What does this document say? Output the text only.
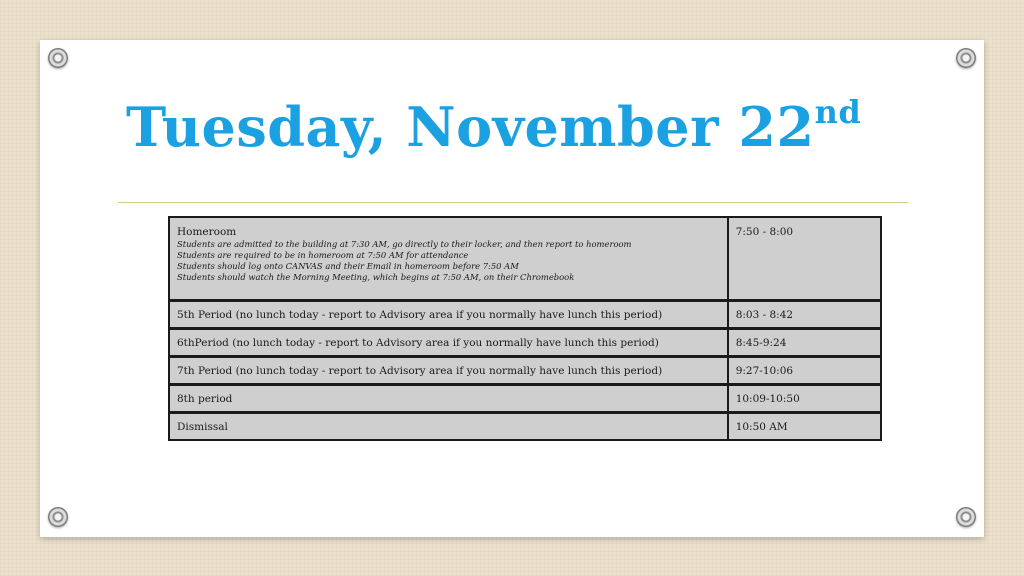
Tuesday, November 22nd
Homeroom
Students are admitted to the building at 7:30 AM, go directly to their locker, and then report to homeroom
Students are required to be in homeroom at 7:50 AM for attendance
Students should log onto CANVAS and their Email in homeroom before 7:50 AM
Students should watch the Morning Meeting, which begins at 7:50 AM, on their Chromebook	7:50 - 8:00
5th Period (no lunch today - report to Advisory area if you normally have lunch this period)	8:03 - 8:42
6thPeriod (no lunch today - report to Advisory area if you normally have lunch this period)	8:45-9:24
7th Period (no lunch today - report to Advisory area if you normally have lunch this period)	9:27-10:06
8th period	10:09-10:50
Dismissal	10:50 AM
